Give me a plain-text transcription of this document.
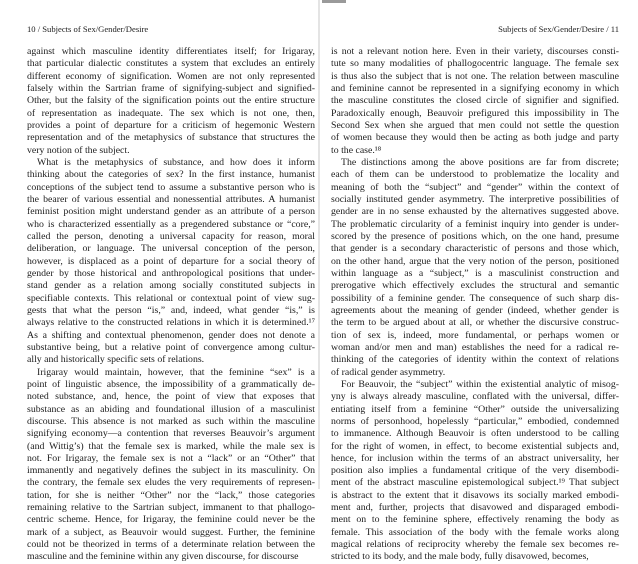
10 / Subjects of Sex/Gender/Desire
against which masculine identity differentiates itself; for Irigaray,
that particular dialectic constitutes a system that excludes an entirely
different economy of signification. Women are not only represented
falsely within the Sartrian frame of signifying-subject and signified-
Other, but the falsity of the signification points out the entire structure
of representation as inadequate. The sex which is not one, then,
provides a point of departure for a criticism of hegemonic Western
representation and of the metaphysics of substance that structures the
very notion of the subject.
What is the metaphysics of substance, and how does it inform
thinking about the categories of sex? In the first instance, humanist
conceptions of the subject tend to assume a substantive person who is
the bearer of various essential and nonessential attributes. A humanist
feminist position might understand gender as an attribute of a person
who is characterized essentially as a pregendered substance or “core,”
called the person, denoting a universal capacity for reason, moral
deliberation, or language. The universal conception of the person,
however, is displaced as a point of departure for a social theory of
gender by those historical and anthropological positions that under-
stand gender as a relation among socially constituted subjects in
specifiable contexts. This relational or contextual point of view sug-
gests that what the person “is,” and, indeed, what gender “is,” is
always relative to the constructed relations in which it is determined.¹⁷
As a shifting and contextual phenomenon, gender does not denote a
substantive being, but a relative point of convergence among cultur-
ally and historically specific sets of relations.
Irigaray would maintain, however, that the feminine “sex” is a
point of linguistic absence, the impossibility of a grammatically de-
noted substance, and, hence, the point of view that exposes that
substance as an abiding and foundational illusion of a masculinist
discourse. This absence is not marked as such within the masculine
signifying economy—a contention that reverses Beauvoir’s argument
(and Wittig’s) that the female sex is marked, while the male sex is
not. For Irigaray, the female sex is not a “lack” or an “Other” that
immanently and negatively defines the subject in its masculinity. On
the contrary, the female sex eludes the very requirements of represen-
tation, for she is neither “Other” nor the “lack,” those categories
remaining relative to the Sartrian subject, immanent to that phallogo-
centric scheme. Hence, for Irigaray, the feminine could never be the
mark of a subject, as Beauvoir would suggest. Further, the feminine
could not be theorized in terms of a determinate relation between the
masculine and the feminine within any given discourse, for discourse
Subjects of Sex/Gender/Desire / 11
is not a relevant notion here. Even in their variety, discourses consti-
tute so many modalities of phallogocentric language. The female sex
is thus also the subject that is not one. The relation between masculine
and feminine cannot be represented in a signifying economy in which
the masculine constitutes the closed circle of signifier and signified.
Paradoxically enough, Beauvoir prefigured this impossibility in The
Second Sex when she argued that men could not settle the question
of women because they would then be acting as both judge and party
to the case.¹⁸
The distinctions among the above positions are far from discrete;
each of them can be understood to problematize the locality and
meaning of both the “subject” and “gender” within the context of
socially instituted gender asymmetry. The interpretive possibilities of
gender are in no sense exhausted by the alternatives suggested above.
The problematic circularity of a feminist inquiry into gender is under-
scored by the presence of positions which, on the one hand, presume
that gender is a secondary characteristic of persons and those which,
on the other hand, argue that the very notion of the person, positioned
within language as a “subject,” is a masculinist construction and
prerogative which effectively excludes the structural and semantic
possibility of a feminine gender. The consequence of such sharp dis-
agreements about the meaning of gender (indeed, whether gender is
the term to be argued about at all, or whether the discursive construc-
tion of sex is, indeed, more fundamental, or perhaps women or
woman and/or men and man) establishes the need for a radical re-
thinking of the categories of identity within the context of relations
of radical gender asymmetry.
For Beauvoir, the “subject” within the existential analytic of misog-
yny is always already masculine, conflated with the universal, differ-
entiating itself from a feminine “Other” outside the universalizing
norms of personhood, hopelessly “particular,” embodied, condemned
to immanence. Although Beauvoir is often understood to be calling
for the right of women, in effect, to become existential subjects and,
hence, for inclusion within the terms of an abstract universality, her
position also implies a fundamental critique of the very disembodi-
ment of the abstract masculine epistemological subject.¹⁹ That subject
is abstract to the extent that it disavows its socially marked embodi-
ment and, further, projects that disavowed and disparaged embodi-
ment on to the feminine sphere, effectively renaming the body as
female. This association of the body with the female works along
magical relations of reciprocity whereby the female sex becomes re-
stricted to its body, and the male body, fully disavowed, becomes,
